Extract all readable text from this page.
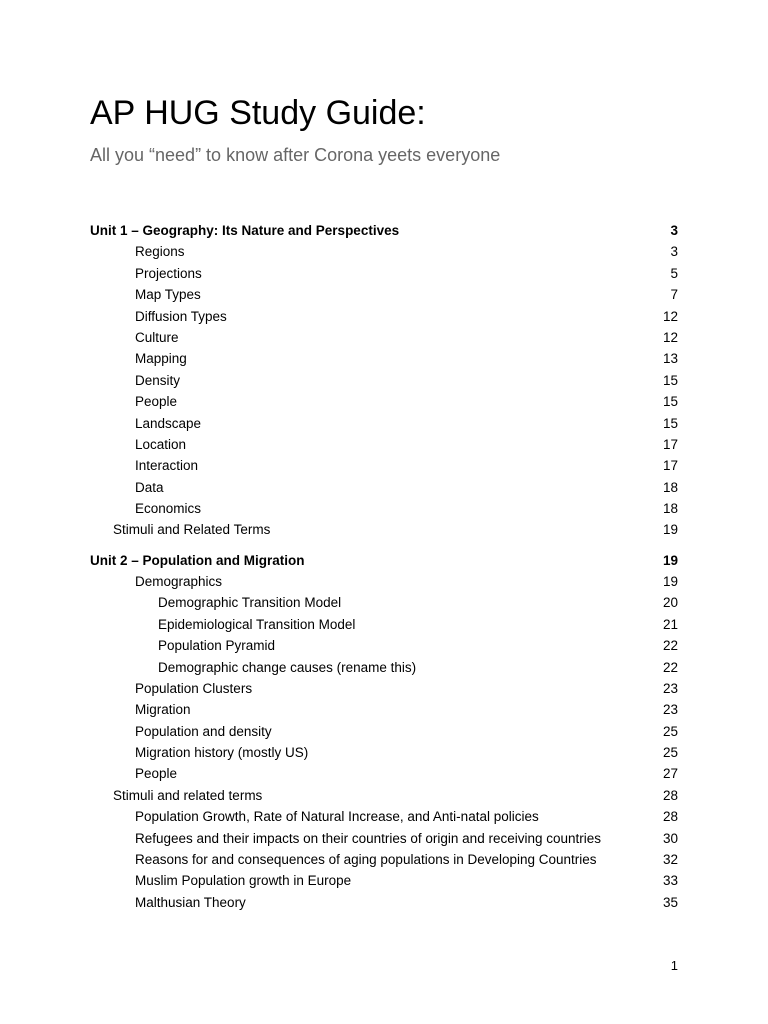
AP HUG Study Guide:

All you “need” to know after Corona yeets everyone

Unit 1 – Geography: Its Nature and Perspectives	3
Regions	3
Projections	5
Map Types	7
Diffusion Types	12
Culture	12
Mapping	13
Density	15
People	15
Landscape	15
Location	17
Interaction	17
Data	18
Economics	18
Stimuli and Related Terms	19
Unit 2 – Population and Migration	19
Demographics	19
Demographic Transition Model	20
Epidemiological Transition Model	21
Population Pyramid	22
Demographic change causes (rename this)	22
Population Clusters	23
Migration	23
Population and density	25
Migration history (mostly US)	25
People	27
Stimuli and related terms	28
Population Growth, Rate of Natural Increase, and Anti-natal policies	28
Refugees and their impacts on their countries of origin and receiving countries	30
Reasons for and consequences of aging populations in Developing Countries	32
Muslim Population growth in Europe	33
Malthusian Theory	35
1
